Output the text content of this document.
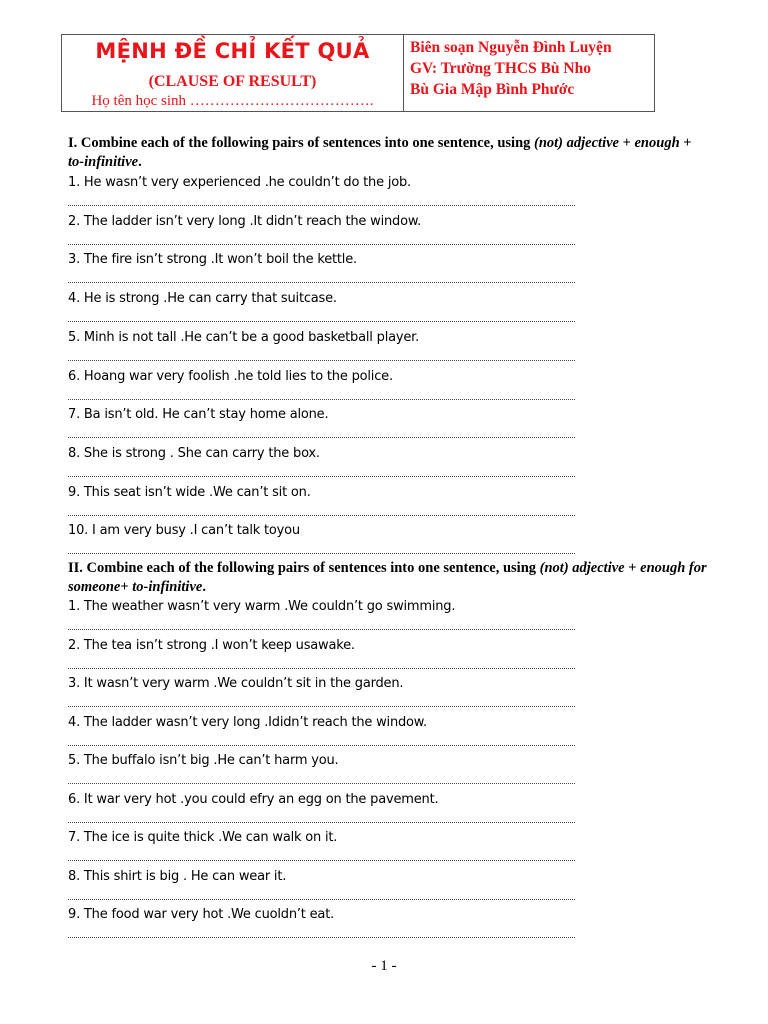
MỆNH ĐỀ CHỈ KẾT QUẢ
(CLAUSE OF RESULT)
Họ tên học sinh ……………………………….
Biên soạn Nguyễn Đình Luyện
GV: Trường THCS Bù Nho
Bù Gia Mập Bình Phước
I. Combine each of the following pairs of sentences into one sentence, using (not) adjective + enough + to-infinitive.
1. He wasn’t very experienced .he couldn’t do the job.
2. The ladder isn’t very long .It didn’t reach the window.
3. The fire isn’t strong .It won’t boil the kettle.
4. He is strong .He can carry that suitcase.
5. Minh is not tall .He can’t be a good basketball player.
6. Hoang war very foolish .he told lies to the police.
7. Ba isn’t old. He can’t stay home alone.
8. She is strong . She can carry the box.
9. This seat isn’t wide .We can’t sit on.
10. I am very busy .I can’t talk toyou
II. Combine each of the following pairs of sentences into one sentence, using (not) adjective + enough for someone+ to-infinitive.
1. The weather wasn’t very warm .We couldn’t go swimming.
2. The tea isn’t strong .I won’t keep usawake.
3. It wasn’t very warm .We couldn’t sit in the garden.
4. The ladder wasn’t very long .Ididn’t reach the window.
5. The buffalo isn’t big .He can’t harm you.
6. It war very hot .you could efry an egg on the pavement.
7. The ice is quite thick .We can walk on it.
8. This shirt is big . He can wear it.
9. The food war very hot .We cuoldn’t eat.
- 1 -
